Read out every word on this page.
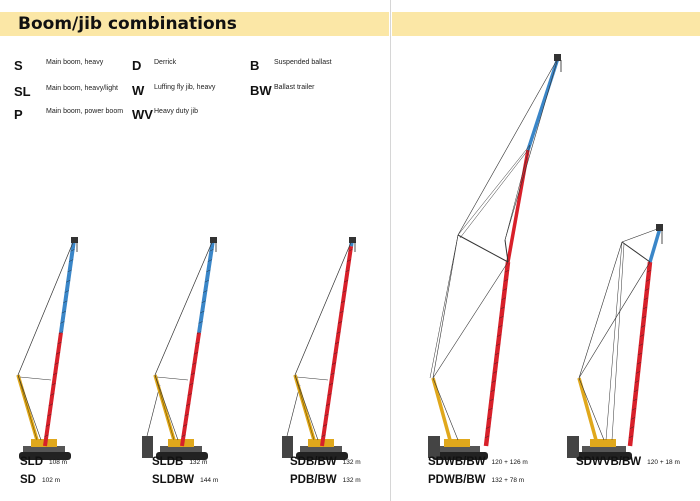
Boom/jib combinations
S	Main boom, heavy
SL Main boom, heavy/light
P	Main boom, power boom
D Derrick
W Luffing fly jib, heavy
WV Heavy duty jib
B Suspended ballast
BW Ballast trailer
SLD 108 m
SD 102 m
SLDB 132 m
SLDBW 144 m
SDB/BW 132 m
PDB/BW 132 m
SDWB/BW 120 + 126 m
PDWB/BW 132 + 78 m
SDWVB/BW 120 + 18 m
